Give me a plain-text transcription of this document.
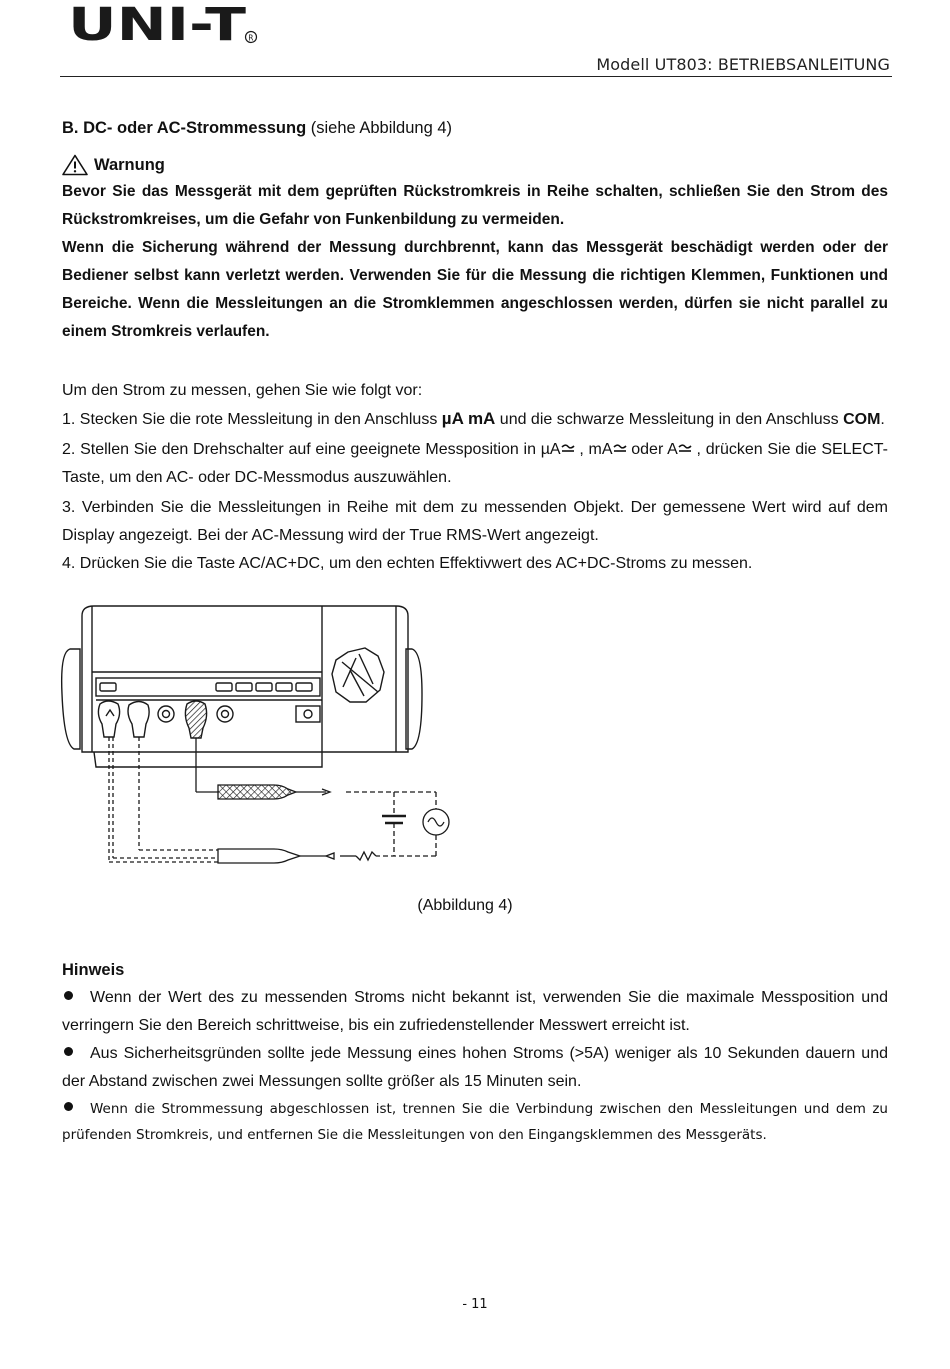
UNI-T R
Modell UT803: BETRIEBSANLEITUNG
B. DC- oder AC-Strommessung (siehe Abbildung 4)
Warnung
Bevor Sie das Messgerät mit dem geprüften Rückstromkreis in Reihe schalten, schließen Sie den Strom des Rückstromkreises, um die Gefahr von Funkenbildung zu vermeiden.
Wenn die Sicherung während der Messung durchbrennt, kann das Messgerät beschädigt werden oder der Bediener selbst kann verletzt werden. Verwenden Sie für die Messung die richtigen Klemmen, Funktionen und Bereiche. Wenn die Messleitungen an die Stromklemmen angeschlossen werden, dürfen sie nicht parallel zu einem Stromkreis verlaufen.
Um den Strom zu messen, gehen Sie wie folgt vor:
1. Stecken Sie die rote Messleitung in den Anschluss µA mA und die schwarze Messleitung in den Anschluss COM.
2. Stellen Sie den Drehschalter auf eine geeignete Messposition in µA , mA oder A , drücken Sie die SELECT-Taste, um den AC- oder DC-Messmodus auszuwählen.
3. Verbinden Sie die Messleitungen in Reihe mit dem zu messenden Objekt. Der gemessene Wert wird auf dem Display angezeigt. Bei der AC-Messung wird der True RMS-Wert angezeigt.
4. Drücken Sie die Taste AC/AC+DC, um den echten Effektivwert des AC+DC-Stroms zu messen.
(Abbildung 4)
Hinweis
Wenn der Wert des zu messenden Stroms nicht bekannt ist, verwenden Sie die maximale Messposition und verringern Sie den Bereich schrittweise, bis ein zufriedenstellender Messwert erreicht ist.
Aus Sicherheitsgründen sollte jede Messung eines hohen Stroms (>5A) weniger als 10 Sekunden dauern und der Abstand zwischen zwei Messungen sollte größer als 15 Minuten sein.
Wenn die Strommessung abgeschlossen ist, trennen Sie die Verbindung zwischen den Messleitungen und dem zu prüfenden Stromkreis, und entfernen Sie die Messleitungen von den Eingangsklemmen des Messgeräts.
- 11
